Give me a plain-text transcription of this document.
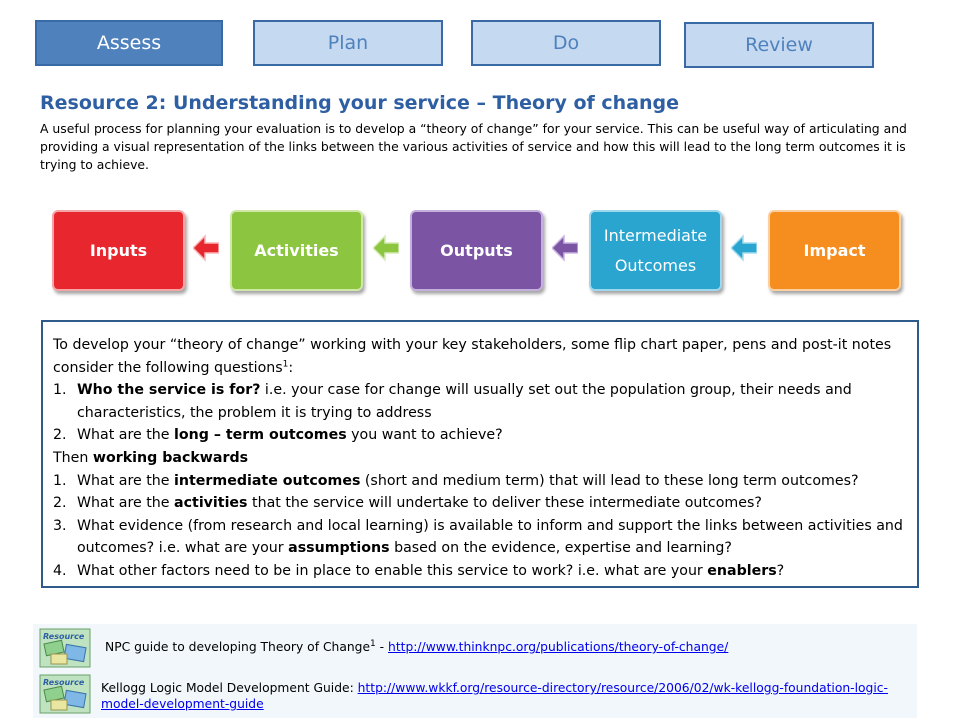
Assess	Plan	Do	Review
Resource 2: Understanding your service – Theory of change
A useful process for planning your evaluation is to develop a “theory of change” for your service. This can be useful way of articulating and providing a visual representation of the links between the various activities of service and how this will lead to the long term outcomes it is trying to achieve.
Inputs	Activities	Outputs
Intermediate
Outcomes
Impact

To develop your “theory of change” working with your key stakeholders, some flip chart paper, pens and post-it notes consider the following questions$^1$:

1. Who the service is for? i.e. your case for change will usually set out the population group, their needs and characteristics, the problem it is trying to address
2. What are the long – term outcomes you want to achieve?

Then working backwards

1. What are the intermediate outcomes (short and medium term) that will lead to these long term outcomes?
2. What are the activities that the service will undertake to deliver these intermediate outcomes?
3. What evidence (from research and local learning) is available to inform and support the links between activities and outcomes? i.e. what are your assumptions based on the evidence, expertise and learning?
4. What other factors need to be in place to enable this service to work? i.e. what are your enablers?
Resource
NPC guide to developing Theory of Change$^1$ - http://www.thinknpc.org/publications/theory-of-change/
Resource Kellogg Logic Model Development Guide: http://www.wkkf.org/resource-directory/resource/2006/02/wk-kellogg-foundation-logic-model-development-guide
